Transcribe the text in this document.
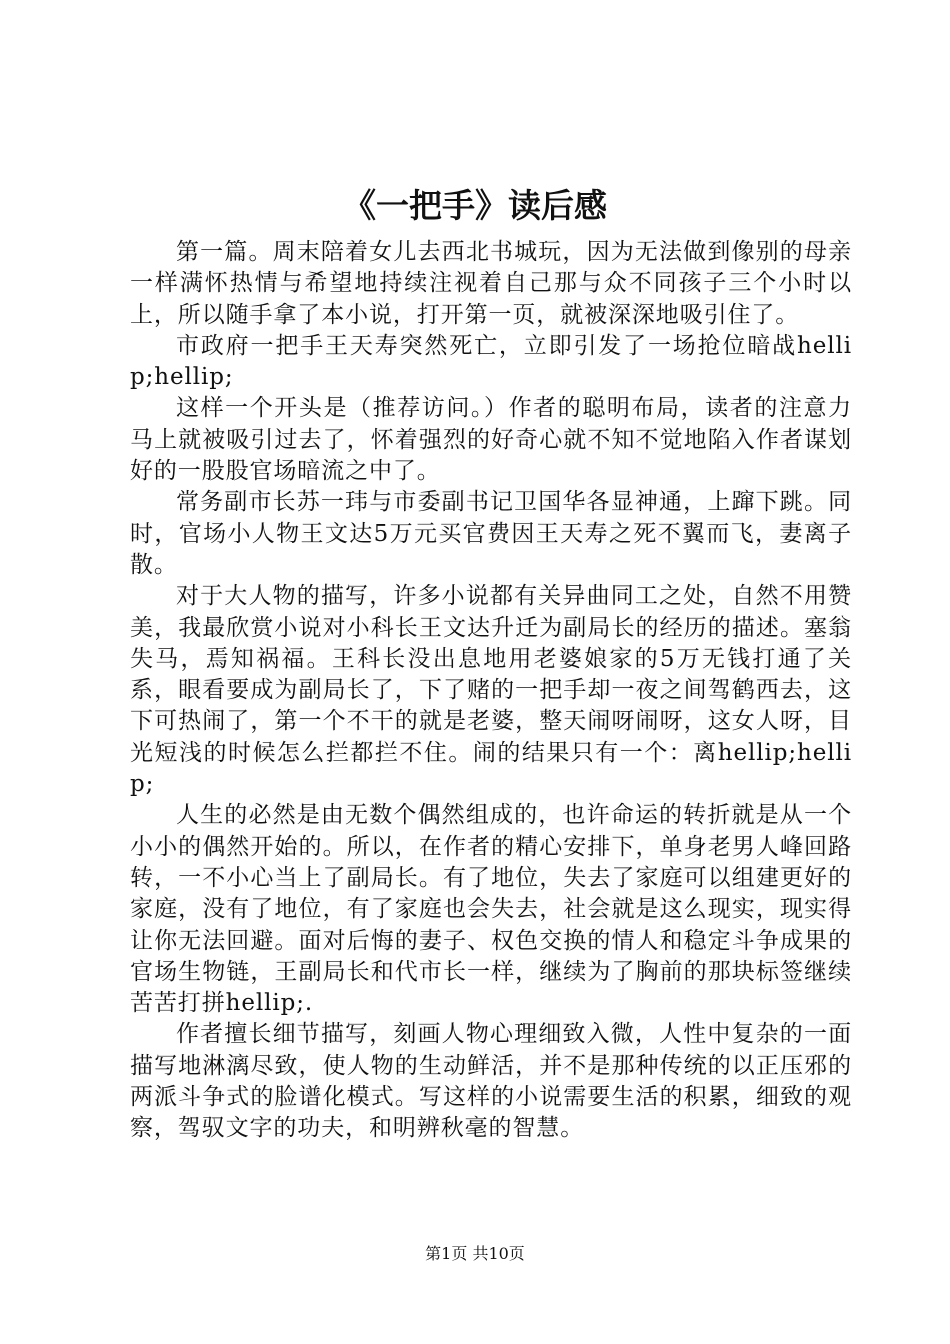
《一把手》读后感

第一篇。周末陪着女儿去西北书城玩，因为无法做到像别的母亲一样满怀热情与希望地持续注视着自己那与众不同孩子三个小时以上，所以随手拿了本小说，打开第一页，就被深深地吸引住了。

市政府一把手王天寿突然死亡，立即引发了一场抢位暗战hellip;hellip;

这样一个开头是（推荐访问。）作者的聪明布局，读者的注意力马上就被吸引过去了，怀着强烈的好奇心就不知不觉地陷入作者谋划好的一股股官场暗流之中了。

常务副市长苏一玮与市委副书记卫国华各显神通，上蹿下跳。同时，官场小人物王文达5万元买官费因王天寿之死不翼而飞，妻离子散。

对于大人物的描写，许多小说都有关异曲同工之处，自然不用赞美，我最欣赏小说对小科长王文达升迁为副局长的经历的描述。塞翁失马，焉知祸福。王科长没出息地用老婆娘家的5万无钱打通了关系，眼看要成为副局长了，下了赌的一把手却一夜之间驾鹤西去，这下可热闹了，第一个不干的就是老婆，整天闹呀闹呀，这女人呀，目光短浅的时候怎么拦都拦不住。闹的结果只有一个：离hellip;hellip;

人生的必然是由无数个偶然组成的，也许命运的转折就是从一个小小的偶然开始的。所以，在作者的精心安排下，单身老男人峰回路转，一不小心当上了副局长。有了地位，失去了家庭可以组建更好的家庭，没有了地位，有了家庭也会失去，社会就是这么现实，现实得让你无法回避。面对后悔的妻子、权色交换的情人和稳定斗争成果的官场生物链，王副局长和代市长一样，继续为了胸前的那块标签继续苦苦打拼hellip;.

作者擅长细节描写，刻画人物心理细致入微，人性中复杂的一面描写地淋漓尽致，使人物的生动鲜活，并不是那种传统的以正压邪的两派斗争式的脸谱化模式。写这样的小说需要生活的积累，细致的观察，驾驭文字的功夫，和明辨秋毫的智慧。

第1页 共10页
